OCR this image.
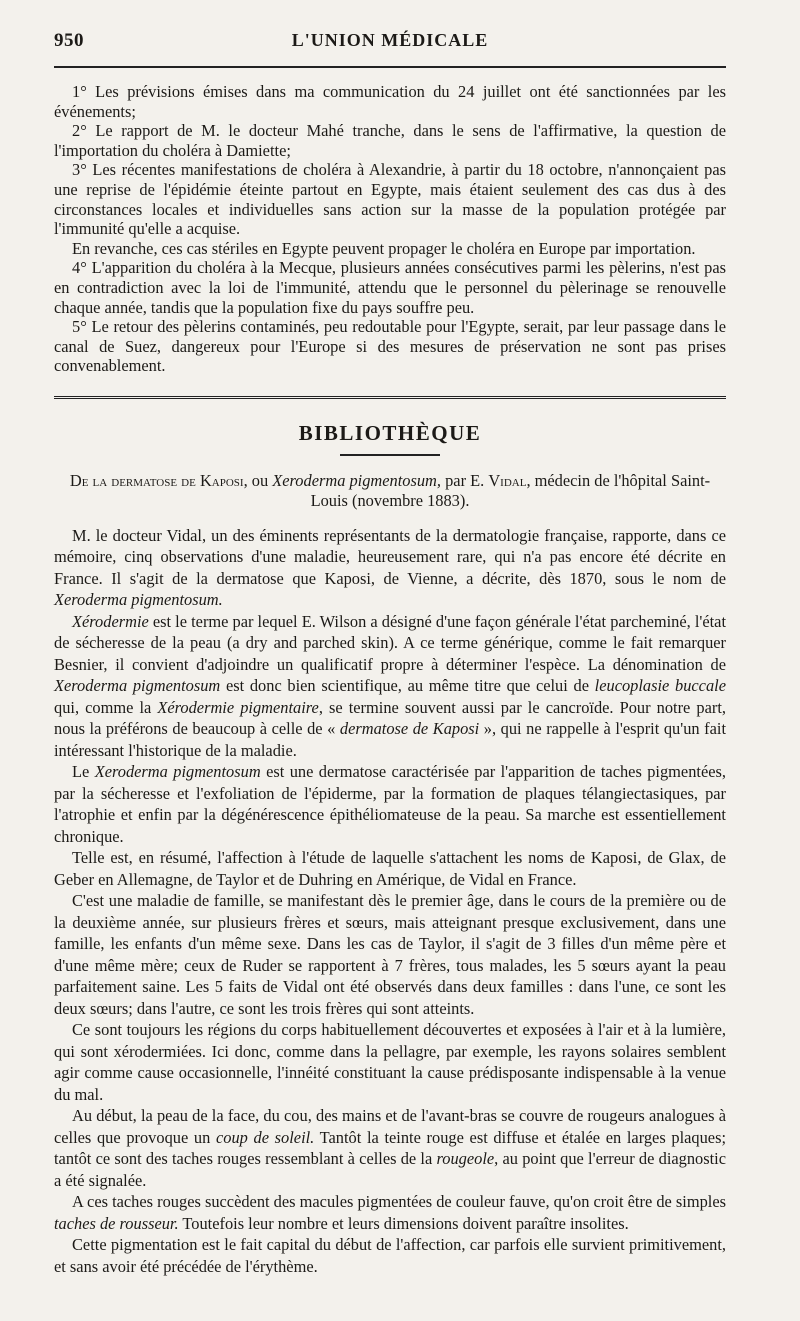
950	L'UNION MÉDICALE

1° Les prévisions émises dans ma communication du 24 juillet ont été sanctionnées par les événements;

2° Le rapport de M. le docteur Mahé tranche, dans le sens de l'affirmative, la question de l'importation du choléra à Damiette;

3° Les récentes manifestations de choléra à Alexandrie, à partir du 18 octobre, n'annonçaient pas une reprise de l'épidémie éteinte partout en Egypte, mais étaient seulement des cas dus à des circonstances locales et individuelles sans action sur la masse de la population protégée par l'immunité qu'elle a acquise.

En revanche, ces cas stériles en Egypte peuvent propager le choléra en Europe par importation.

4° L'apparition du choléra à la Mecque, plusieurs années consécutives parmi les pèlerins, n'est pas en contradiction avec la loi de l'immunité, attendu que le personnel du pèlerinage se renouvelle chaque année, tandis que la population fixe du pays souffre peu.

5° Le retour des pèlerins contaminés, peu redoutable pour l'Egypte, serait, par leur passage dans le canal de Suez, dangereux pour l'Europe si des mesures de préservation ne sont pas prises convenablement.

BIBLIOTHÈQUE
De la dermatose de Kaposi, ou Xeroderma pigmentosum, par E. Vidal, médecin de l'hôpital Saint-Louis (novembre 1883).

M. le docteur Vidal, un des éminents représentants de la dermatologie française, rapporte, dans ce mémoire, cinq observations d'une maladie, heureusement rare, qui n'a pas encore été décrite en France. Il s'agit de la dermatose que Kaposi, de Vienne, a décrite, dès 1870, sous le nom de Xeroderma pigmentosum.

Xérodermie est le terme par lequel E. Wilson a désigné d'une façon générale l'état parcheminé, l'état de sécheresse de la peau (a dry and parched skin). A ce terme générique, comme le fait remarquer Besnier, il convient d'adjoindre un qualificatif propre à déterminer l'espèce. La dénomination de Xeroderma pigmentosum est donc bien scientifique, au même titre que celui de leucoplasie buccale qui, comme la Xérodermie pigmentaire, se termine souvent aussi par le cancroïde. Pour notre part, nous la préférons de beaucoup à celle de « dermatose de Kaposi », qui ne rappelle à l'esprit qu'un fait intéressant l'historique de la maladie.

Le Xeroderma pigmentosum est une dermatose caractérisée par l'apparition de taches pigmentées, par la sécheresse et l'exfoliation de l'épiderme, par la formation de plaques télangiectasiques, par l'atrophie et enfin par la dégénérescence épithéliomateuse de la peau. Sa marche est essentiellement chronique.

Telle est, en résumé, l'affection à l'étude de laquelle s'attachent les noms de Kaposi, de Glax, de Geber en Allemagne, de Taylor et de Duhring en Amérique, de Vidal en France.

C'est une maladie de famille, se manifestant dès le premier âge, dans le cours de la première ou de la deuxième année, sur plusieurs frères et sœurs, mais atteignant presque exclusivement, dans une famille, les enfants d'un même sexe. Dans les cas de Taylor, il s'agit de 3 filles d'un même père et d'une même mère; ceux de Ruder se rapportent à 7 frères, tous malades, les 5 sœurs ayant la peau parfaitement saine. Les 5 faits de Vidal ont été observés dans deux familles : dans l'une, ce sont les deux sœurs; dans l'autre, ce sont les trois frères qui sont atteints.

Ce sont toujours les régions du corps habituellement découvertes et exposées à l'air et à la lumière, qui sont xérodermiées. Ici donc, comme dans la pellagre, par exemple, les rayons solaires semblent agir comme cause occasionnelle, l'innéité constituant la cause prédisposante indispensable à la venue du mal.

Au début, la peau de la face, du cou, des mains et de l'avant-bras se couvre de rougeurs analogues à celles que provoque un coup de soleil. Tantôt la teinte rouge est diffuse et étalée en larges plaques; tantôt ce sont des taches rouges ressemblant à celles de la rougeole, au point que l'erreur de diagnostic a été signalée.

A ces taches rouges succèdent des macules pigmentées de couleur fauve, qu'on croit être de simples taches de rousseur. Toutefois leur nombre et leurs dimensions doivent paraître insolites.

Cette pigmentation est le fait capital du début de l'affection, car parfois elle survient primitivement, et sans avoir été précédée de l'érythème.
